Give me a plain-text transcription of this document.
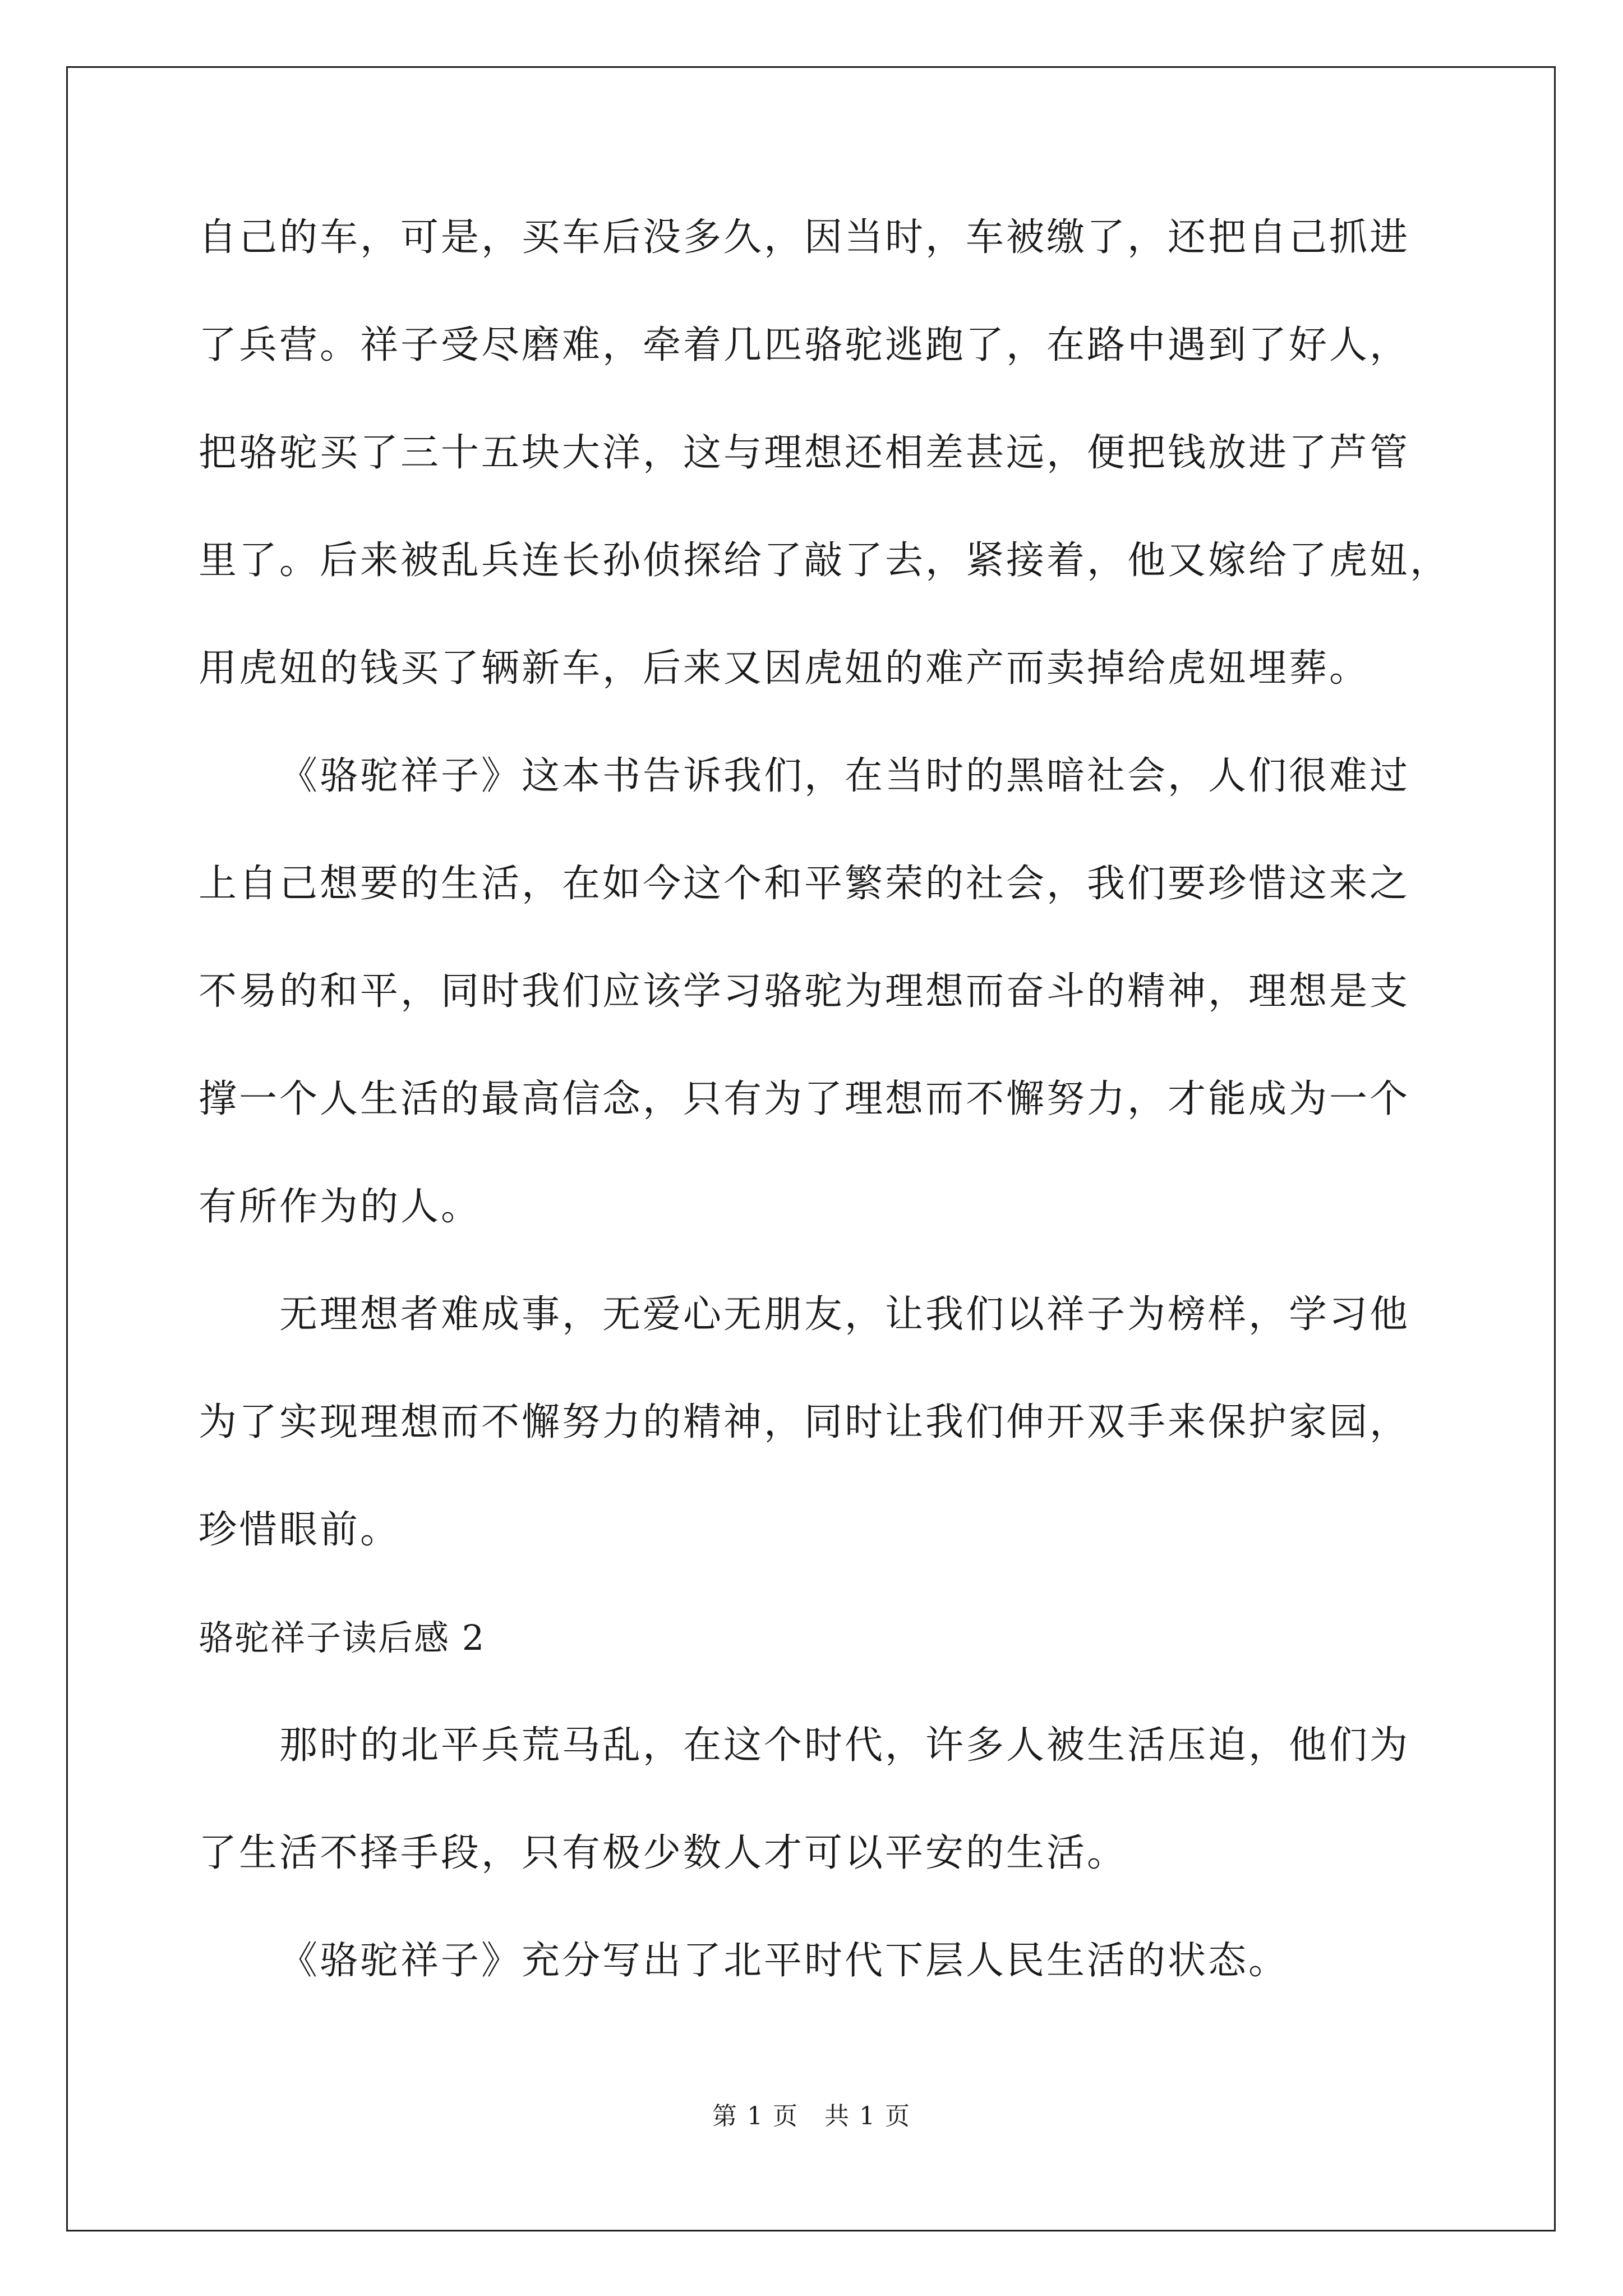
自己的车，可是，买车后没多久，因当时，车被缴了，还把自己抓进
了兵营。祥子受尽磨难，牵着几匹骆驼逃跑了，在路中遇到了好人，
把骆驼买了三十五块大洋，这与理想还相差甚远，便把钱放进了芦管
里了。后来被乱兵连长孙侦探给了敲了去，紧接着，他又嫁给了虎妞，
用虎妞的钱买了辆新车，后来又因虎妞的难产而卖掉给虎妞埋葬。
《骆驼祥子》这本书告诉我们，在当时的黑暗社会，人们很难过
上自己想要的生活，在如今这个和平繁荣的社会，我们要珍惜这来之
不易的和平，同时我们应该学习骆驼为理想而奋斗的精神，理想是支
撑一个人生活的最高信念，只有为了理想而不懈努力，才能成为一个
有所作为的人。
无理想者难成事，无爱心无朋友，让我们以祥子为榜样，学习他
为了实现理想而不懈努力的精神，同时让我们伸开双手来保护家园，
珍惜眼前。
骆驼祥子读后感 2
那时的北平兵荒马乱，在这个时代，许多人被生活压迫，他们为
了生活不择手段，只有极少数人才可以平安的生活。
《骆驼祥子》充分写出了北平时代下层人民生活的状态。
第 1 页　共 1 页
